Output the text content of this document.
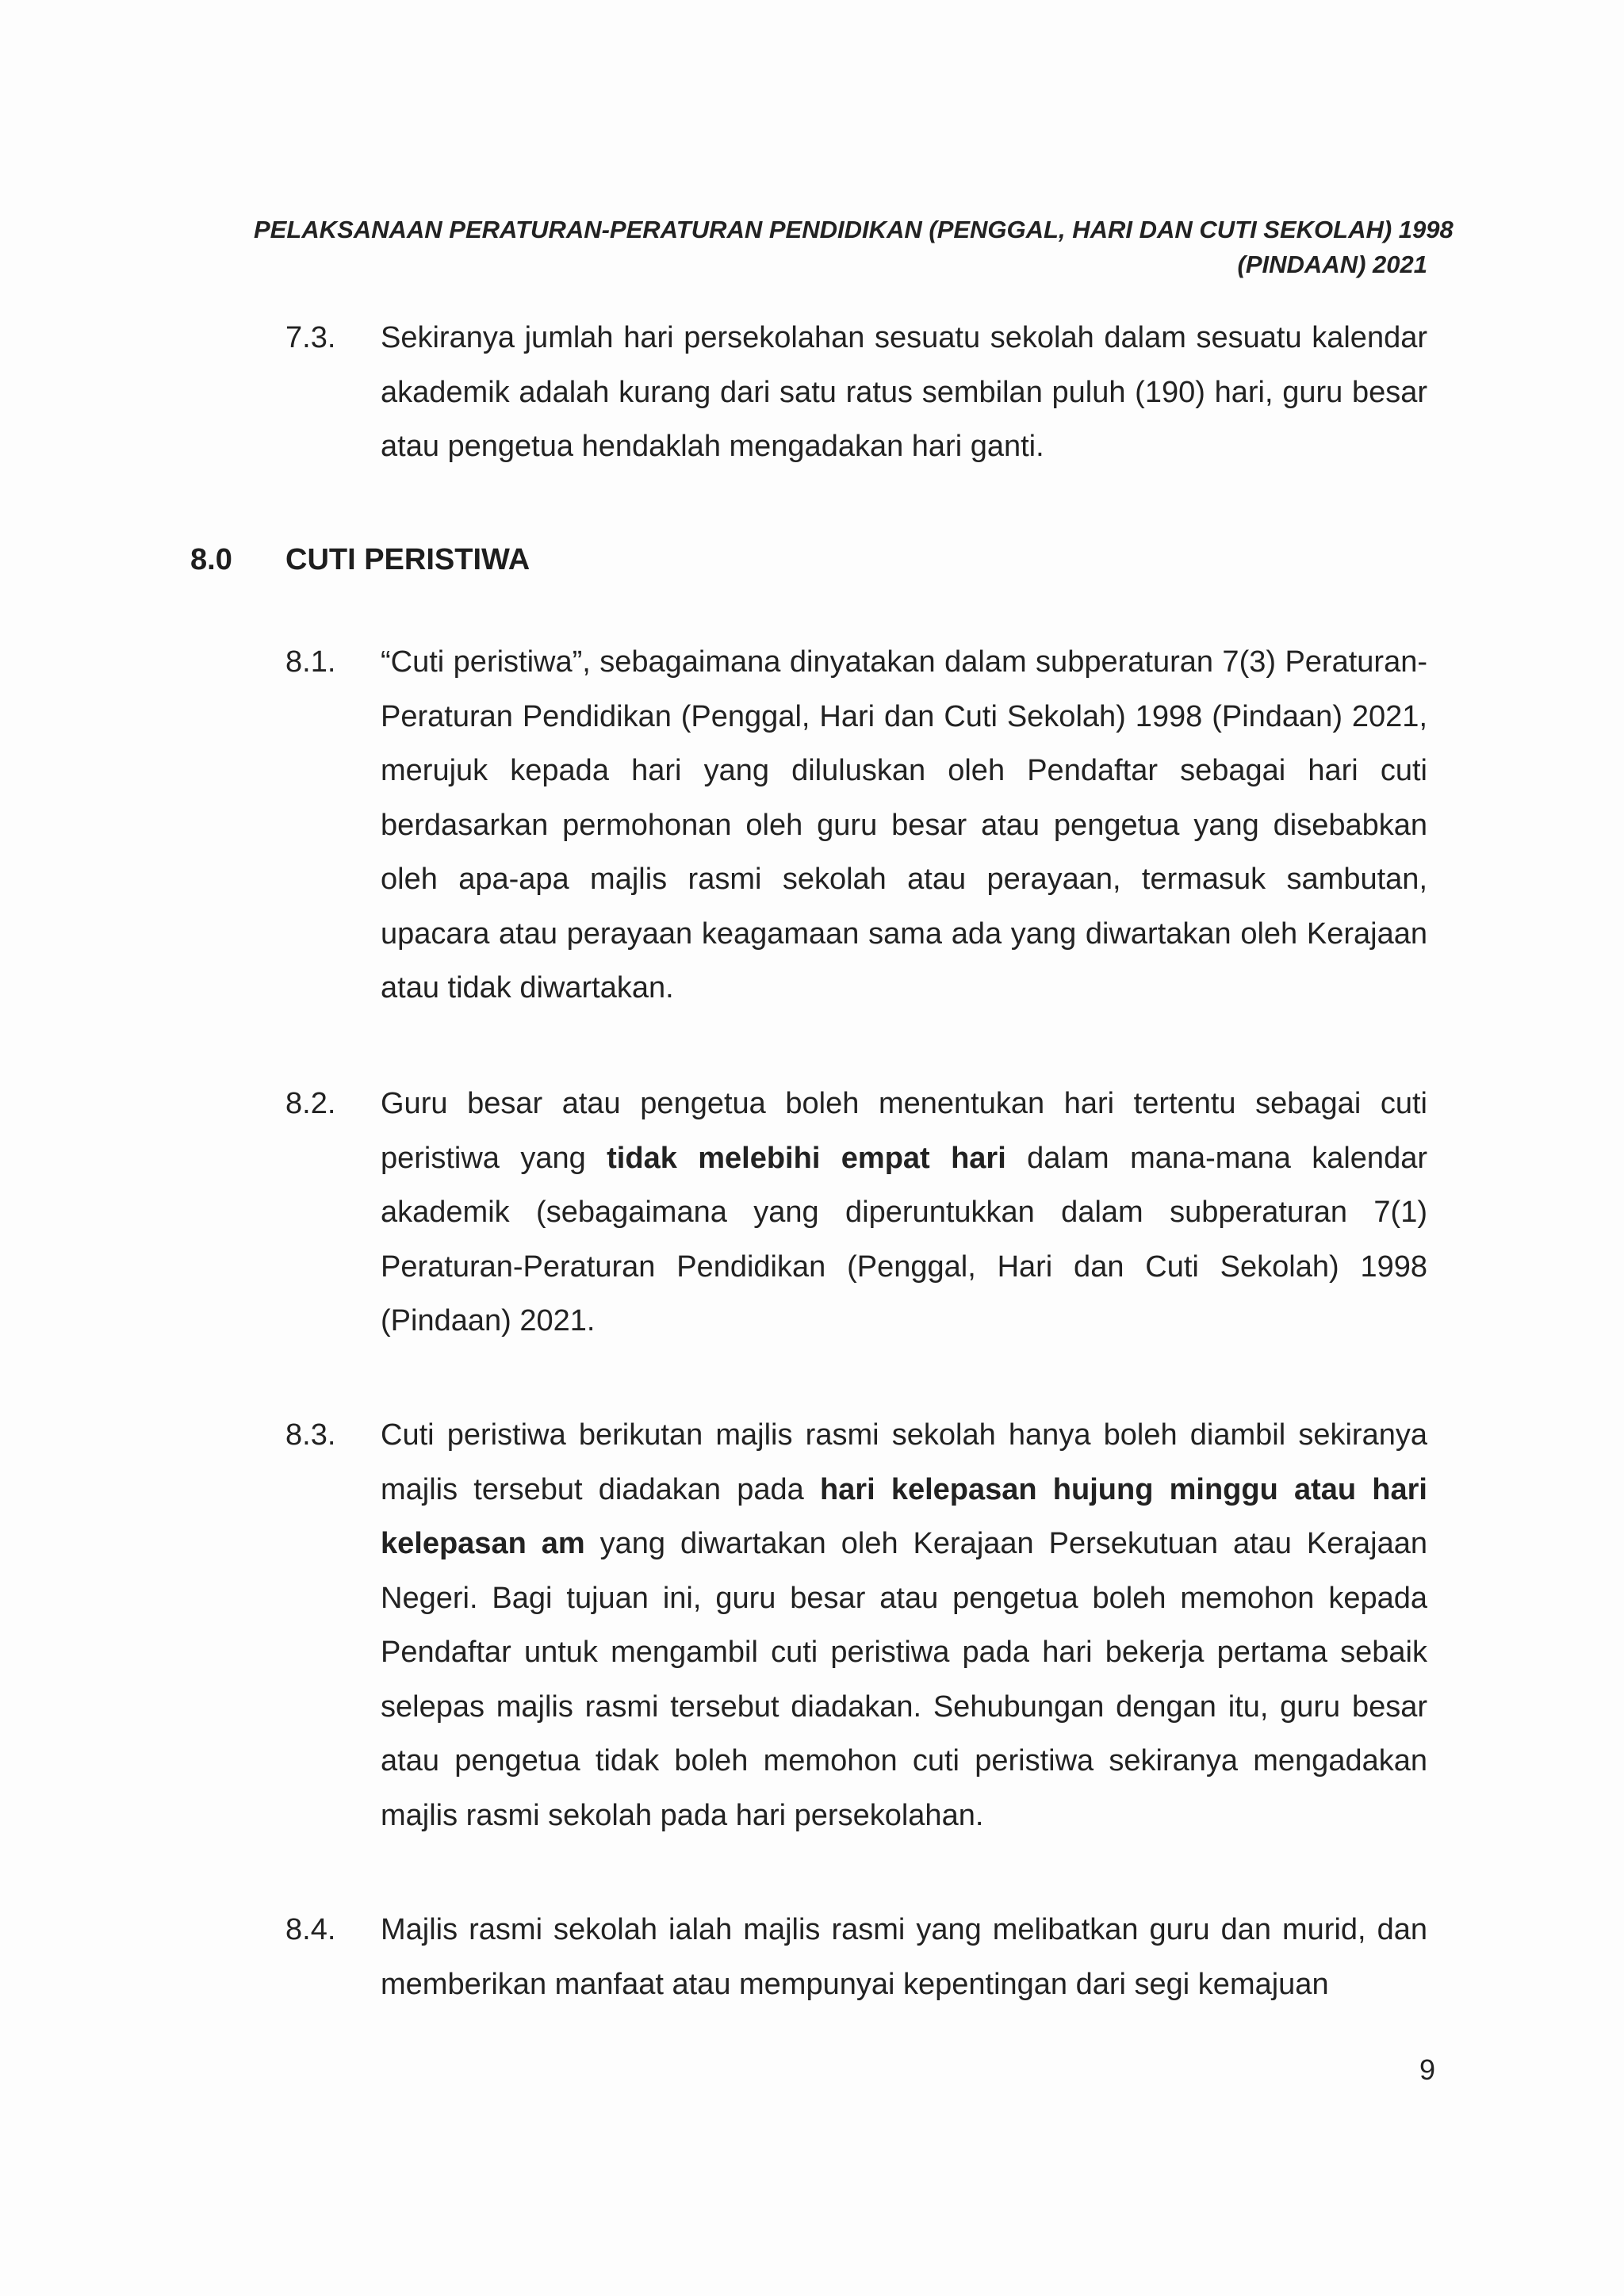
PELAKSANAAN PERATURAN-PERATURAN PENDIDIKAN (PENGGAL, HARI DAN CUTI SEKOLAH) 1998
(PINDAAN) 2021
7.3. Sekiranya jumlah hari persekolahan sesuatu sekolah dalam sesuatu kalendar akademik adalah kurang dari satu ratus sembilan puluh (190) hari, guru besar atau pengetua hendaklah mengadakan hari ganti.
8.0 CUTI PERISTIWA
8.1. “Cuti peristiwa”, sebagaimana dinyatakan dalam subperaturan 7(3) Peraturan-Peraturan Pendidikan (Penggal, Hari dan Cuti Sekolah) 1998 (Pindaan) 2021, merujuk kepada hari yang diluluskan oleh Pendaftar sebagai hari cuti berdasarkan permohonan oleh guru besar atau pengetua yang disebabkan oleh apa-apa majlis rasmi sekolah atau perayaan, termasuk sambutan, upacara atau perayaan keagamaan sama ada yang diwartakan oleh Kerajaan atau tidak diwartakan.
8.2. Guru besar atau pengetua boleh menentukan hari tertentu sebagai cuti peristiwa yang tidak melebihi empat hari dalam mana-mana kalendar akademik (sebagaimana yang diperuntukkan dalam subperaturan 7(1) Peraturan-Peraturan Pendidikan (Penggal, Hari dan Cuti Sekolah) 1998 (Pindaan) 2021.
8.3. Cuti peristiwa berikutan majlis rasmi sekolah hanya boleh diambil sekiranya majlis tersebut diadakan pada hari kelepasan hujung minggu atau hari kelepasan am yang diwartakan oleh Kerajaan Persekutuan atau Kerajaan Negeri. Bagi tujuan ini, guru besar atau pengetua boleh memohon kepada Pendaftar untuk mengambil cuti peristiwa pada hari bekerja pertama sebaik selepas majlis rasmi tersebut diadakan. Sehubungan dengan itu, guru besar atau pengetua tidak boleh memohon cuti peristiwa sekiranya mengadakan majlis rasmi sekolah pada hari persekolahan.
8.4. Majlis rasmi sekolah ialah majlis rasmi yang melibatkan guru dan murid, dan memberikan manfaat atau mempunyai kepentingan dari segi kemajuan
9
